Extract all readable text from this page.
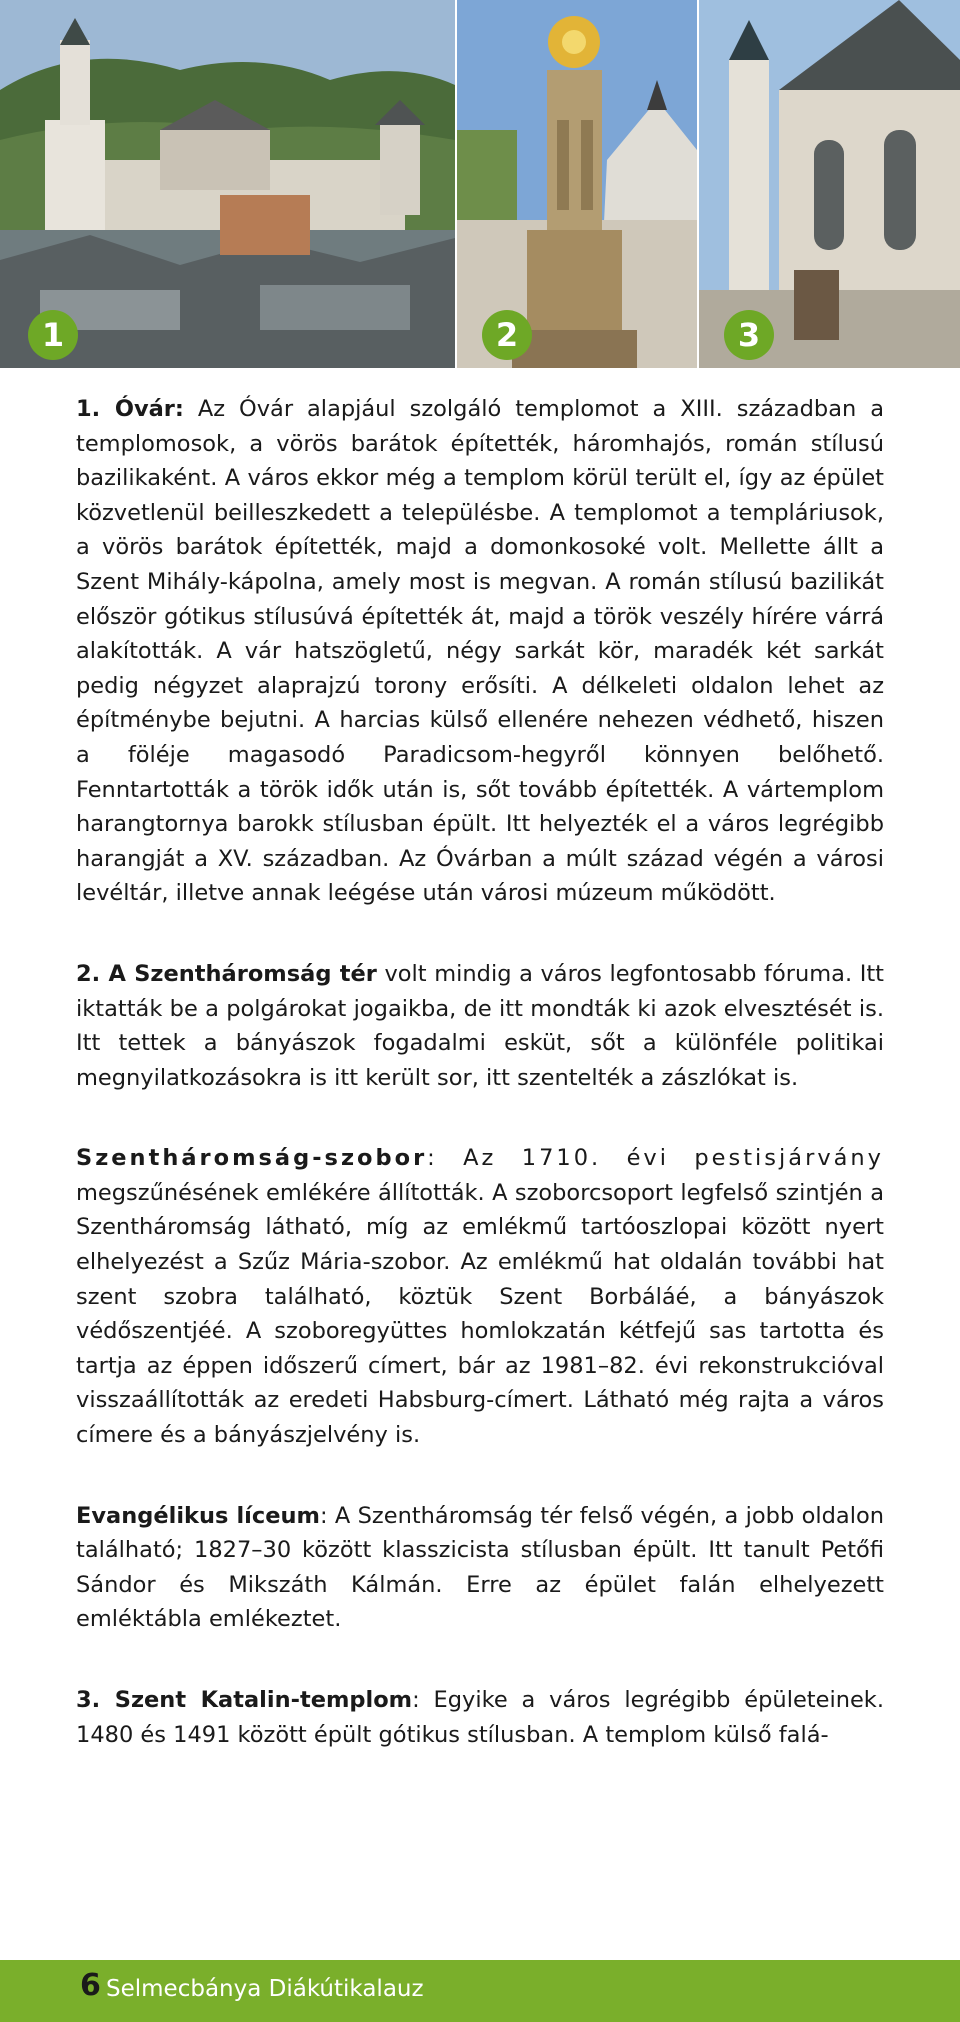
1	2	3

1. Óvár: Az Óvár alapjául szolgáló templomot a XIII. században a templomosok, a vörös barátok építették, háromhajós, román stílusú bazilikaként. A város ekkor még a templom körül terült el, így az épület közvetlenül beilleszkedett a településbe. A templomot a templáriusok, a vörös barátok építették, majd a domonkosoké volt. Mellette állt a Szent Mihály-kápolna, amely most is megvan. A román stílusú bazilikát először gótikus stílusúvá építették át, majd a török veszély hírére várrá alakították. A vár hatszögletű, négy sarkát kör, maradék két sarkát pedig négyzet alaprajzú torony erősíti. A délkeleti oldalon lehet az építménybe bejutni. A harcias külső ellenére nehezen védhető, hiszen a föléje magasodó Paradicsom-hegyről könnyen belőhető. Fenntartották a török idők után is, sőt tovább építették. A vártemplom harangtornya barokk stílusban épült. Itt helyezték el a város legrégibb harangját a XV. században. Az Óvárban a múlt század végén a városi levéltár, illetve annak leégése után városi múzeum működött.

2. A Szentháromság tér volt mindig a város legfontosabb fóruma. Itt iktatták be a polgárokat jogaikba, de itt mondták ki azok elvesztését is. Itt tettek a bányászok fogadalmi esküt, sőt a különféle politikai megnyilatkozásokra is itt került sor, itt szentelték a zászlókat is.

Szentháromság-szobor: Az 1710. évi pestisjárvány megszűnésének emlékére állították. A szoborcsoport legfelső szintjén a Szentháromság látható, míg az emlékmű tartóoszlopai között nyert elhelyezést a Szűz Mária-szobor. Az emlékmű hat oldalán további hat szent szobra található, köztük Szent Borbáláé, a bányászok védőszentjéé. A szoboregyüttes homlokzatán kétfejű sas tartotta és tartja az éppen időszerű címert, bár az 1981–82. évi rekonstrukcióval visszaállították az eredeti Habsburg-címert. Látható még rajta a város címere és a bányászjelvény is.

Evangélikus líceum: A Szentháromság tér felső végén, a jobb oldalon található; 1827–30 között klasszicista stílusban épült. Itt tanult Petőfi Sándor és Mikszáth Kálmán. Erre az épület falán elhelyezett emléktábla emlékeztet.

3. Szent Katalin-templom: Egyike a város legrégibb épületeinek. 1480 és 1491 között épült gótikus stílusban. A templom külső falá-

6 Selmecbánya Diákútikalauz
